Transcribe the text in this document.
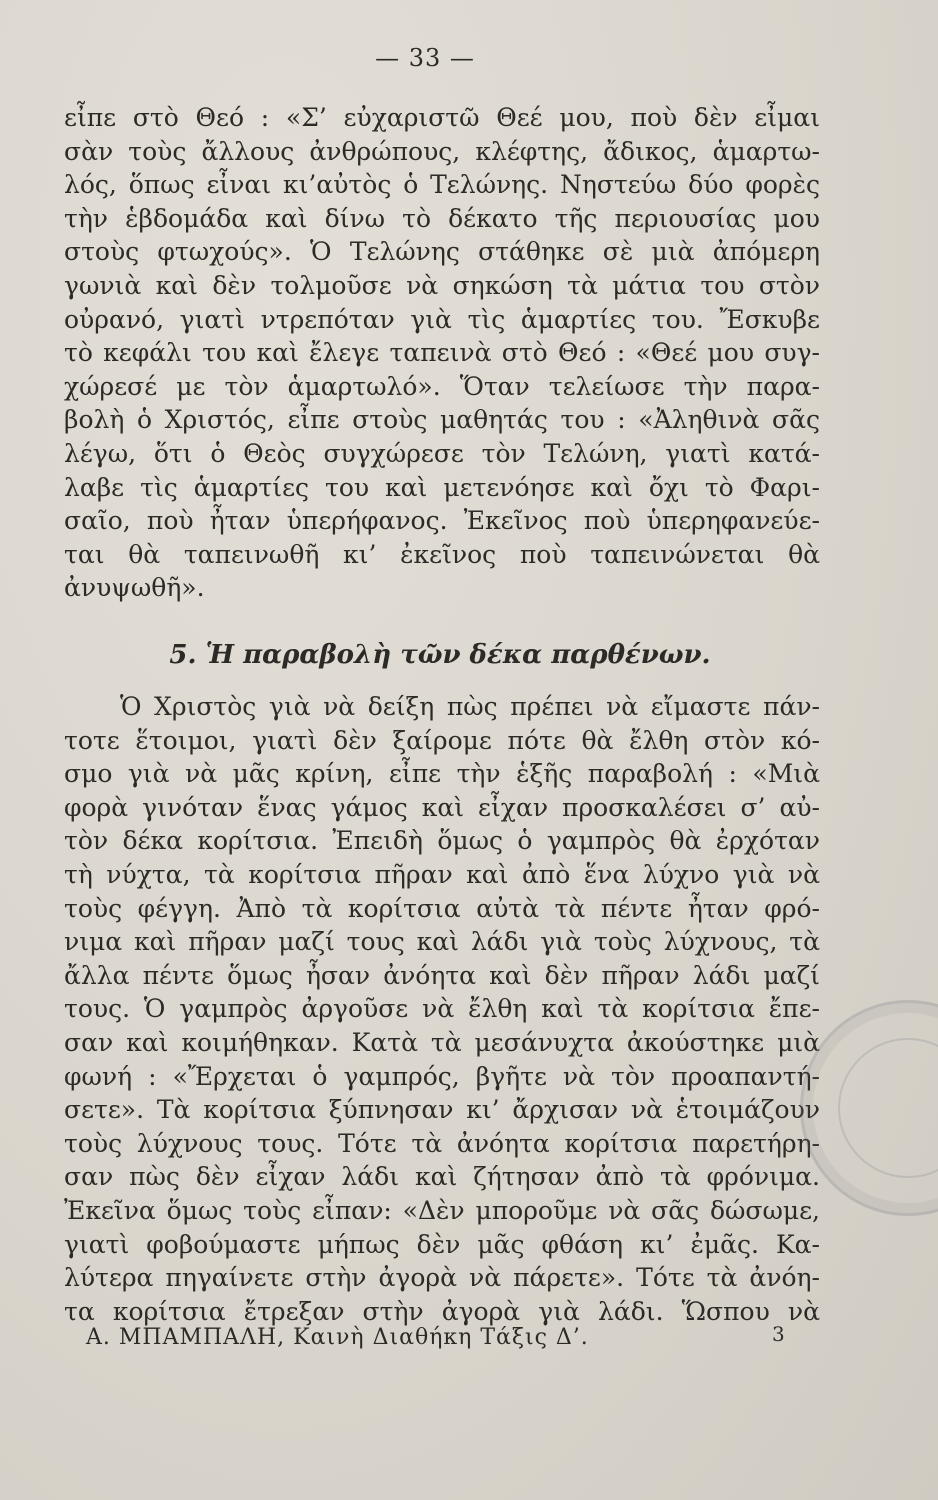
— 33 —
εἶπε στὸ Θεό : «Σ’ εὐχαριστῶ Θεέ μου, ποὺ δὲν εἶμαι
σὰν τοὺς ἄλλους ἀνθρώπους, κλέφτης, ἄδικος, ἁμαρτω-
λός, ὅπως εἶναι κι’αὐτὸς ὁ Τελώνης. Νηστεύω δύο φορὲς
τὴν ἑβδομάδα καὶ δίνω τὸ δέκατο τῆς περιουσίας μου
στοὺς φτωχούς». Ὁ Τελώνης στάθηκε σὲ μιὰ ἀπόμερη
γωνιὰ καὶ δὲν τολμοῦσε νὰ σηκώση τὰ μάτια του στὸν
οὐρανό, γιατὶ ντρεπόταν γιὰ τὶς ἁμαρτίες του. Ἔσκυβε
τὸ κεφάλι του καὶ ἔλεγε ταπεινὰ στὸ Θεό : «Θεέ μου συγ-
χώρεσέ με τὸν ἁμαρτωλό». Ὅταν τελείωσε τὴν παρα-
βολὴ ὁ Χριστός, εἶπε στοὺς μαθητάς του : «Ἀληθινὰ σᾶς
λέγω, ὅτι ὁ Θεὸς συγχώρεσε τὸν Τελώνη, γιατὶ κατά-
λαβε τὶς ἁμαρτίες του καὶ μετενόησε καὶ ὄχι τὸ Φαρι-
σαῖο, ποὺ ἦταν ὑπερήφανος. Ἐκεῖνος ποὺ ὑπερηφανεύε-
ται θὰ ταπεινωθῆ κι’ ἐκεῖνος ποὺ ταπεινώνεται θὰ
ἀνυψωθῆ».
5. Ἡ παραβολὴ τῶν δέκα παρθένων.
Ὁ Χριστὸς γιὰ νὰ δείξη πὼς πρέπει νὰ εἴμαστε πάν-
τοτε ἕτοιμοι, γιατὶ δὲν ξαίρομε πότε θὰ ἔλθη στὸν κό-
σμο γιὰ νὰ μᾶς κρίνη, εἶπε τὴν ἑξῆς παραβολή : «Μιὰ
φορὰ γινόταν ἕνας γάμος καὶ εἶχαν προσκαλέσει σ’ αὐ-
τὸν δέκα κορίτσια. Ἐπειδὴ ὅμως ὁ γαμπρὸς θὰ ἐρχόταν
τὴ νύχτα, τὰ κορίτσια πῆραν καὶ ἀπὸ ἕνα λύχνο γιὰ νὰ
τοὺς φέγγη. Ἀπὸ τὰ κορίτσια αὐτὰ τὰ πέντε ἦταν φρό-
νιμα καὶ πῆραν μαζί τους καὶ λάδι γιὰ τοὺς λύχνους, τὰ
ἄλλα πέντε ὅμως ἦσαν ἀνόητα καὶ δὲν πῆραν λάδι μαζί
τους. Ὁ γαμπρὸς ἀργοῦσε νὰ ἔλθη καὶ τὰ κορίτσια ἔπε-
σαν καὶ κοιμήθηκαν. Κατὰ τὰ μεσάνυχτα ἀκούστηκε μιὰ
φωνή : «Ἔρχεται ὁ γαμπρός, βγῆτε νὰ τὸν προαπαντή-
σετε». Τὰ κορίτσια ξύπνησαν κι’ ἄρχισαν νὰ ἑτοιμάζουν
τοὺς λύχνους τους. Τότε τὰ ἀνόητα κορίτσια παρετήρη-
σαν πὼς δὲν εἶχαν λάδι καὶ ζήτησαν ἀπὸ τὰ φρόνιμα.
Ἐκεῖνα ὅμως τοὺς εἶπαν: «Δὲν μποροῦμε νὰ σᾶς δώσωμε,
γιατὶ φοβούμαστε μήπως δὲν μᾶς φθάση κι’ ἐμᾶς. Κα-
λύτερα πηγαίνετε στὴν ἀγορὰ νὰ πάρετε». Τότε τὰ ἀνόη-
τα κορίτσια ἔτρεξαν στὴν ἀγορὰ γιὰ λάδι. Ὥσπου νὰ
Α. ΜΠΑΜΠΑΛΗ, Καινὴ Διαθήκη Τάξις Δ’.	3
